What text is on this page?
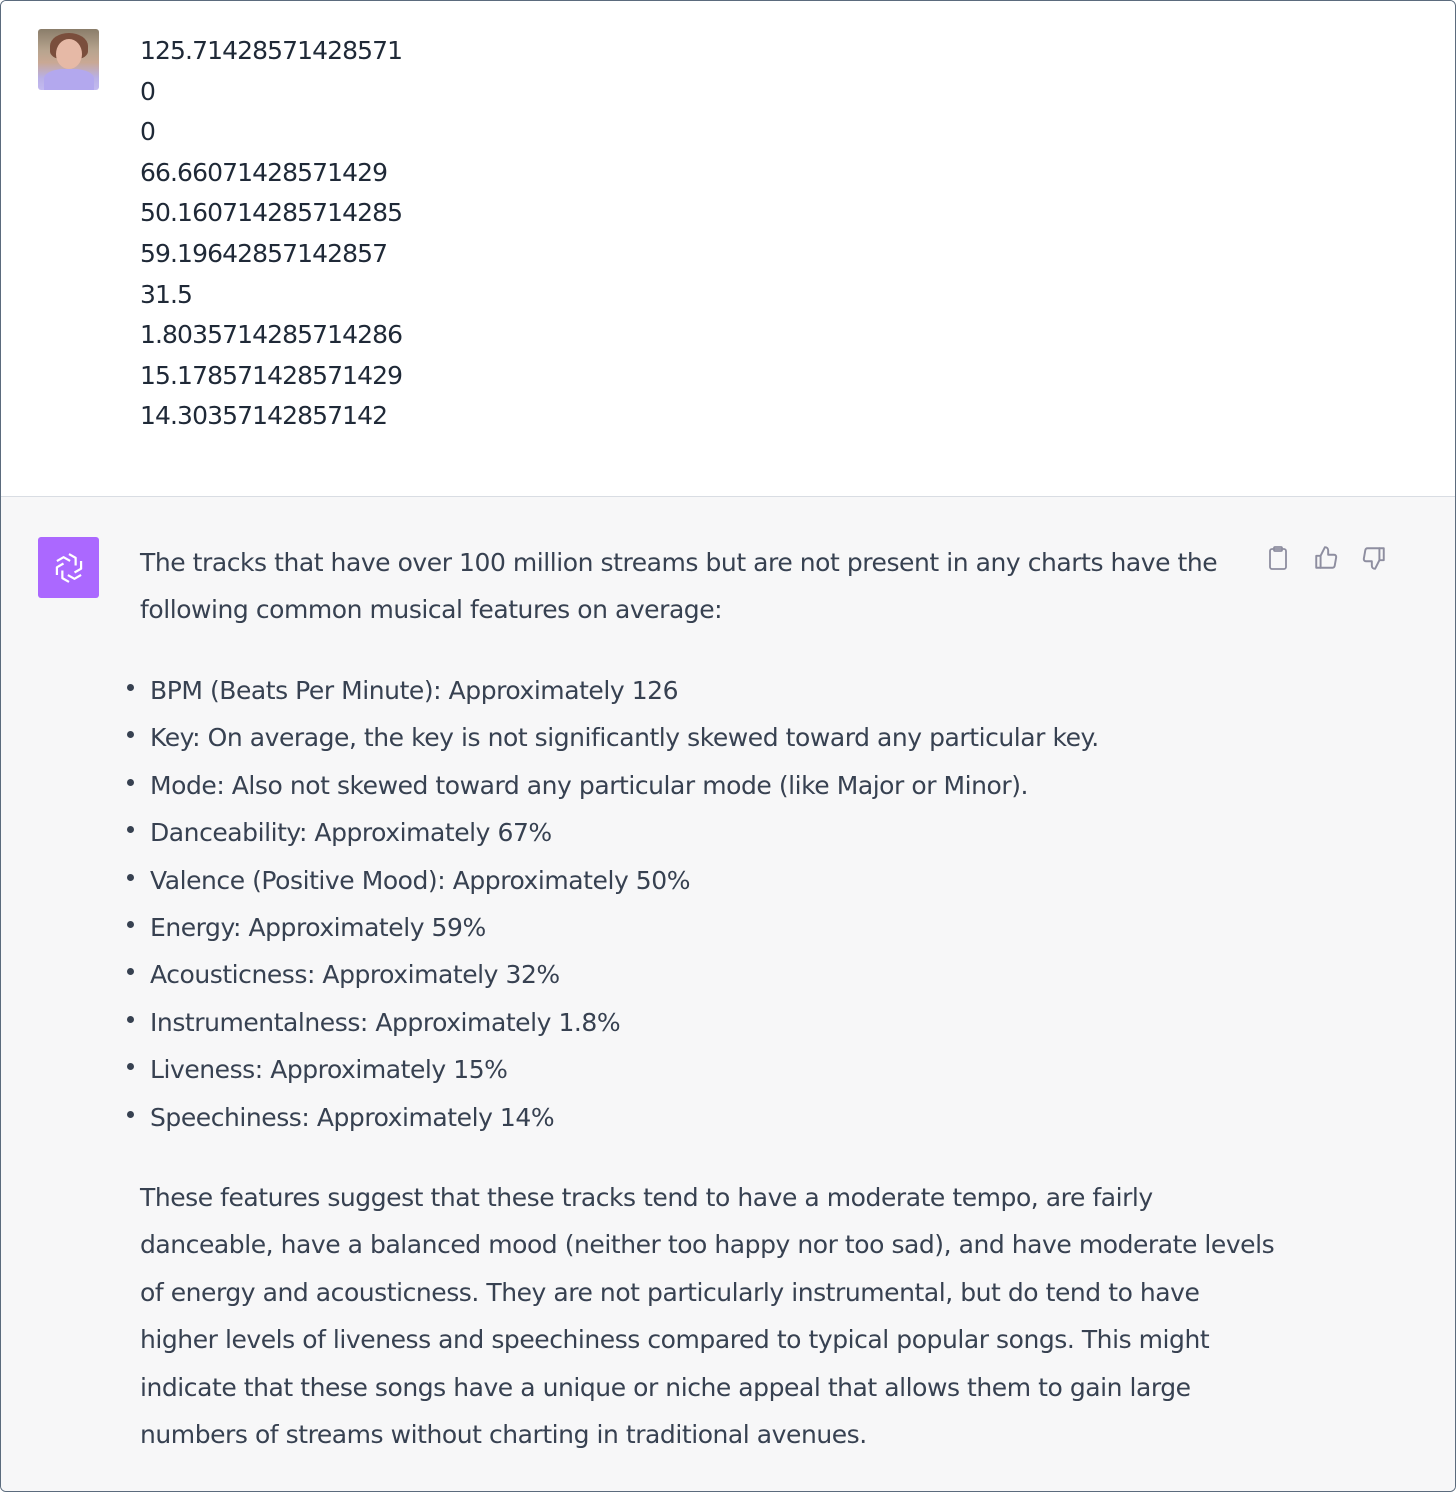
125.71428571428571
0
0
66.66071428571429
50.160714285714285
59.19642857142857
31.5
1.8035714285714286
15.178571428571429
14.30357142857142
The tracks that have over 100 million streams but are not present in any charts have the
following common musical features on average:
BPM (Beats Per Minute): Approximately 126
Key: On average, the key is not significantly skewed toward any particular key.
Mode: Also not skewed toward any particular mode (like Major or Minor).
Danceability: Approximately 67%
Valence (Positive Mood): Approximately 50%
Energy: Approximately 59%
Acousticness: Approximately 32%
Instrumentalness: Approximately 1.8%
Liveness: Approximately 15%
Speechiness: Approximately 14%
These features suggest that these tracks tend to have a moderate tempo, are fairly
danceable, have a balanced mood (neither too happy nor too sad), and have moderate levels
of energy and acousticness. They are not particularly instrumental, but do tend to have
higher levels of liveness and speechiness compared to typical popular songs. This might
indicate that these songs have a unique or niche appeal that allows them to gain large
numbers of streams without charting in traditional avenues.
